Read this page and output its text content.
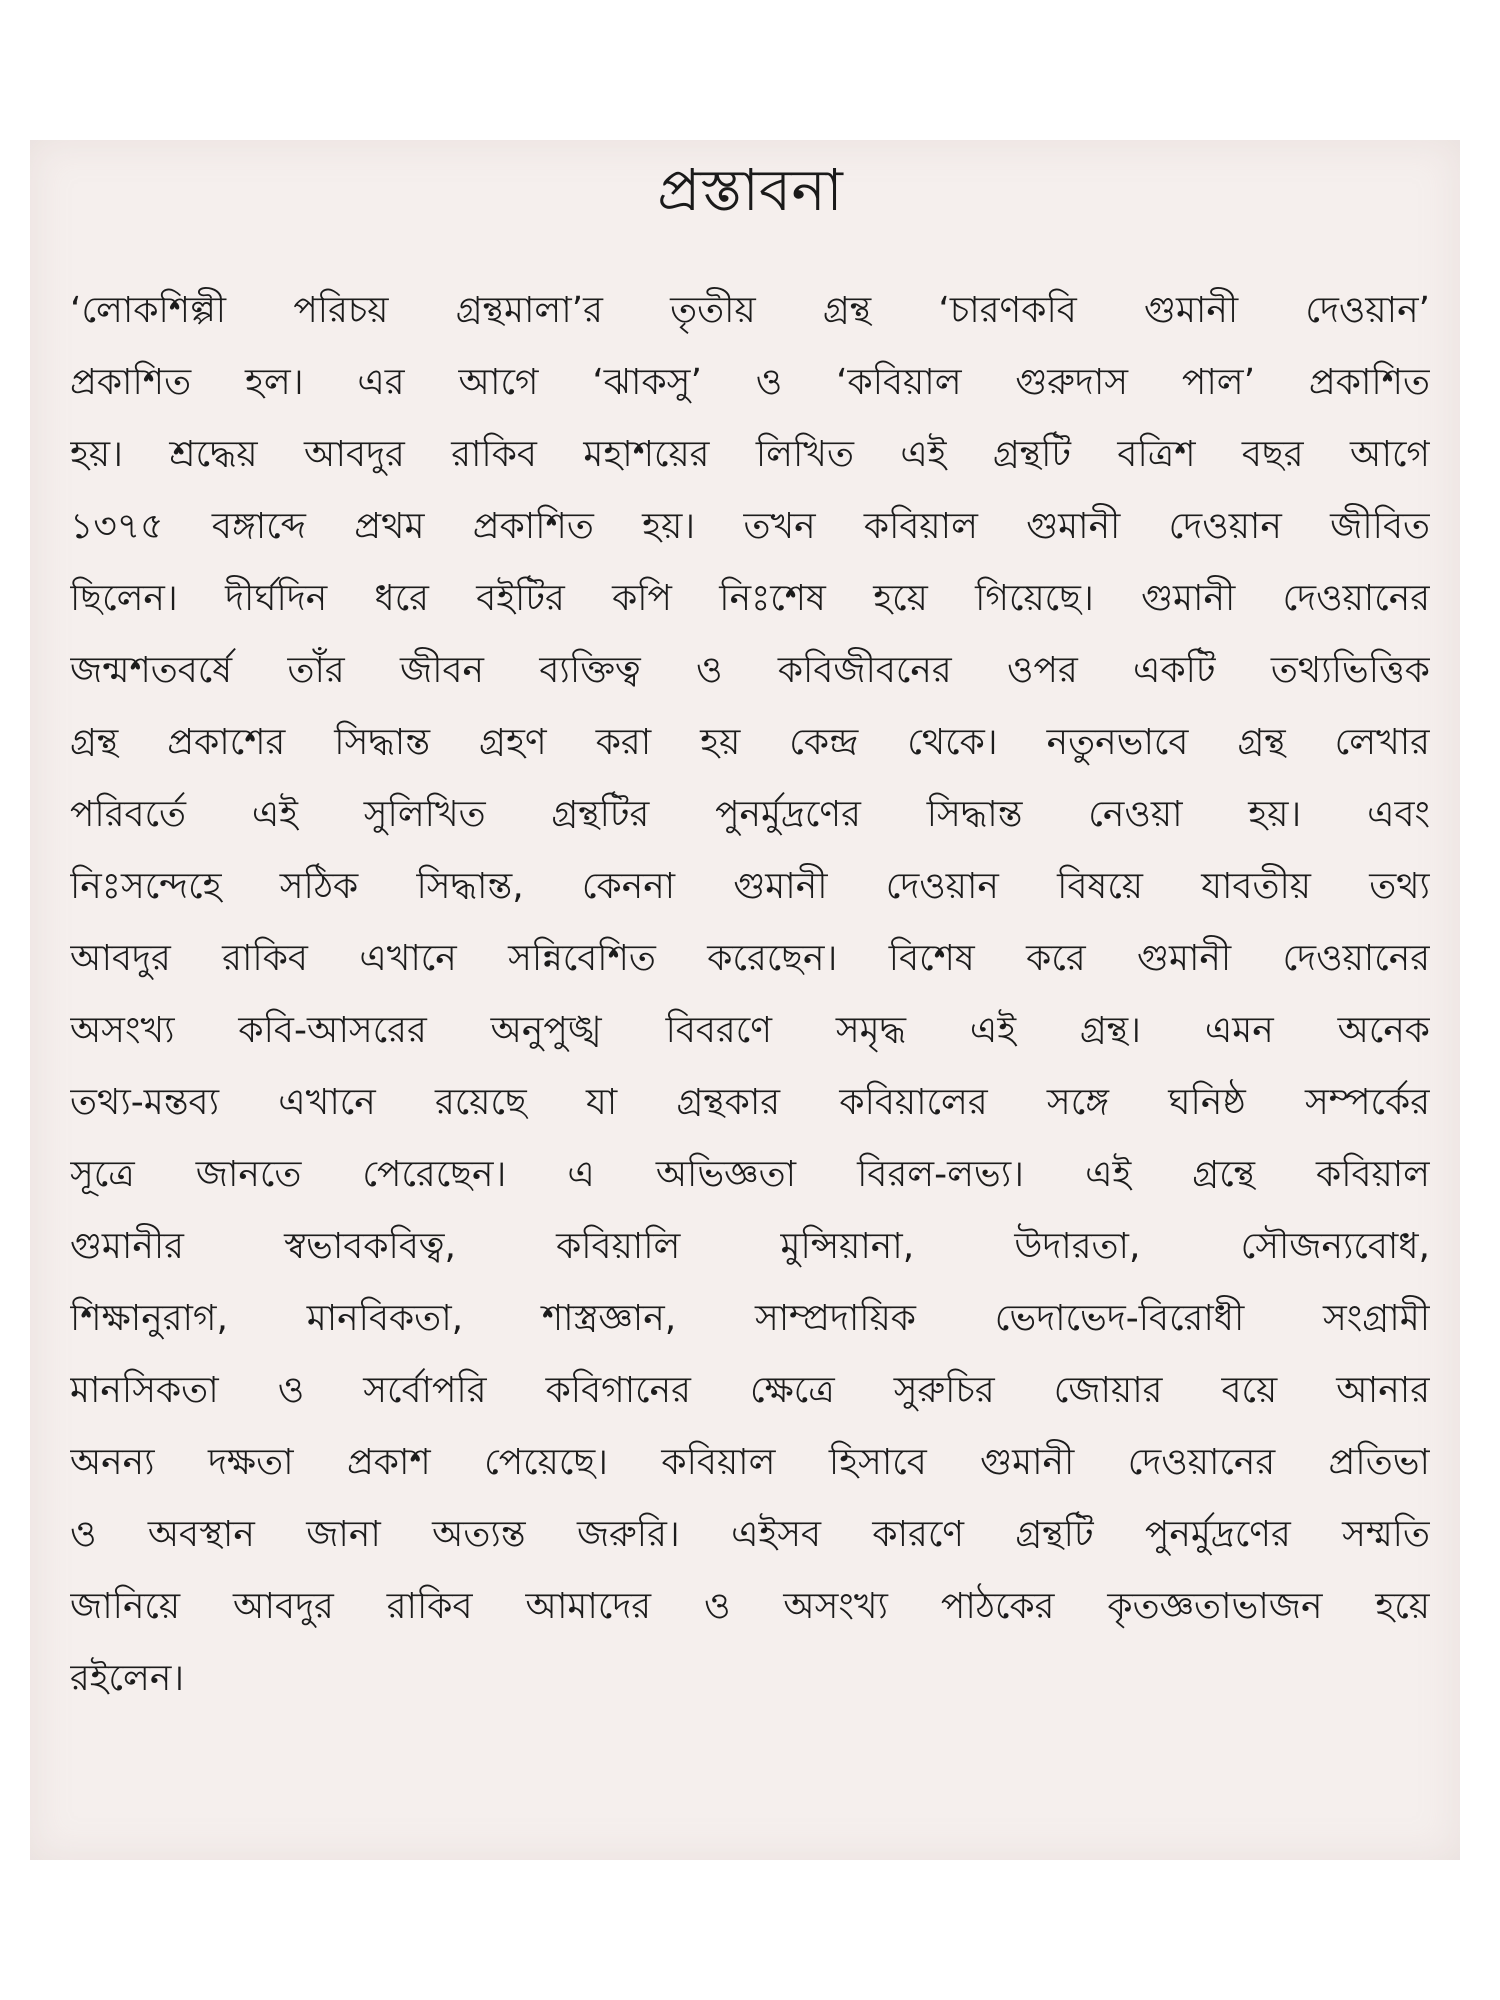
প্রস্তাবনা
‘লোকশিল্পী পরিচয় গ্রন্থমালা’র তৃতীয় গ্রন্থ ‘চারণকবি গুমানী দেওয়ান’
প্রকাশিত হল। এর আগে ‘ঝাকসু’ ও ‘কবিয়াল গুরুদাস পাল’ প্রকাশিত
হয়। শ্রদ্ধেয় আবদুর রাকিব মহাশয়ের লিখিত এই গ্রন্থটি বত্রিশ বছর আগে
১৩৭৫ বঙ্গাব্দে প্রথম প্রকাশিত হয়। তখন কবিয়াল গুমানী দেওয়ান জীবিত
ছিলেন। দীর্ঘদিন ধরে বইটির কপি নিঃশেষ হয়ে গিয়েছে। গুমানী দেওয়ানের
জন্মশতবর্ষে তাঁর জীবন ব্যক্তিত্ব ও কবিজীবনের ওপর একটি তথ্যভিত্তিক
গ্রন্থ প্রকাশের সিদ্ধান্ত গ্রহণ করা হয় কেন্দ্র থেকে। নতুনভাবে গ্রন্থ লেখার
পরিবর্তে এই সুলিখিত গ্রন্থটির পুনর্মুদ্রণের সিদ্ধান্ত নেওয়া হয়। এবং
নিঃসন্দেহে সঠিক সিদ্ধান্ত, কেননা গুমানী দেওয়ান বিষয়ে যাবতীয় তথ্য
আবদুর রাকিব এখানে সন্নিবেশিত করেছেন। বিশেষ করে গুমানী দেওয়ানের
অসংখ্য কবি-আসরের অনুপুঙ্খ বিবরণে সমৃদ্ধ এই গ্রন্থ। এমন অনেক
তথ্য-মন্তব্য এখানে রয়েছে যা গ্রন্থকার কবিয়ালের সঙ্গে ঘনিষ্ঠ সম্পর্কের
সূত্রে জানতে পেরেছেন। এ অভিজ্ঞতা বিরল-লভ্য। এই গ্রন্থে কবিয়াল
গুমানীর স্বভাবকবিত্ব, কবিয়ালি মুন্সিয়ানা, উদারতা, সৌজন্যবোধ,
শিক্ষানুরাগ, মানবিকতা, শাস্ত্রজ্ঞান, সাম্প্রদায়িক ভেদাভেদ-বিরোধী সংগ্রামী
মানসিকতা ও সর্বোপরি কবিগানের ক্ষেত্রে সুরুচির জোয়ার বয়ে আনার
অনন্য দক্ষতা প্রকাশ পেয়েছে। কবিয়াল হিসাবে গুমানী দেওয়ানের প্রতিভা
ও অবস্থান জানা অত্যন্ত জরুরি। এইসব কারণে গ্রন্থটি পুনর্মুদ্রণের সম্মতি
জানিয়ে আবদুর রাকিব আমাদের ও অসংখ্য পাঠকের কৃতজ্ঞতাভাজন হয়ে
রইলেন।
